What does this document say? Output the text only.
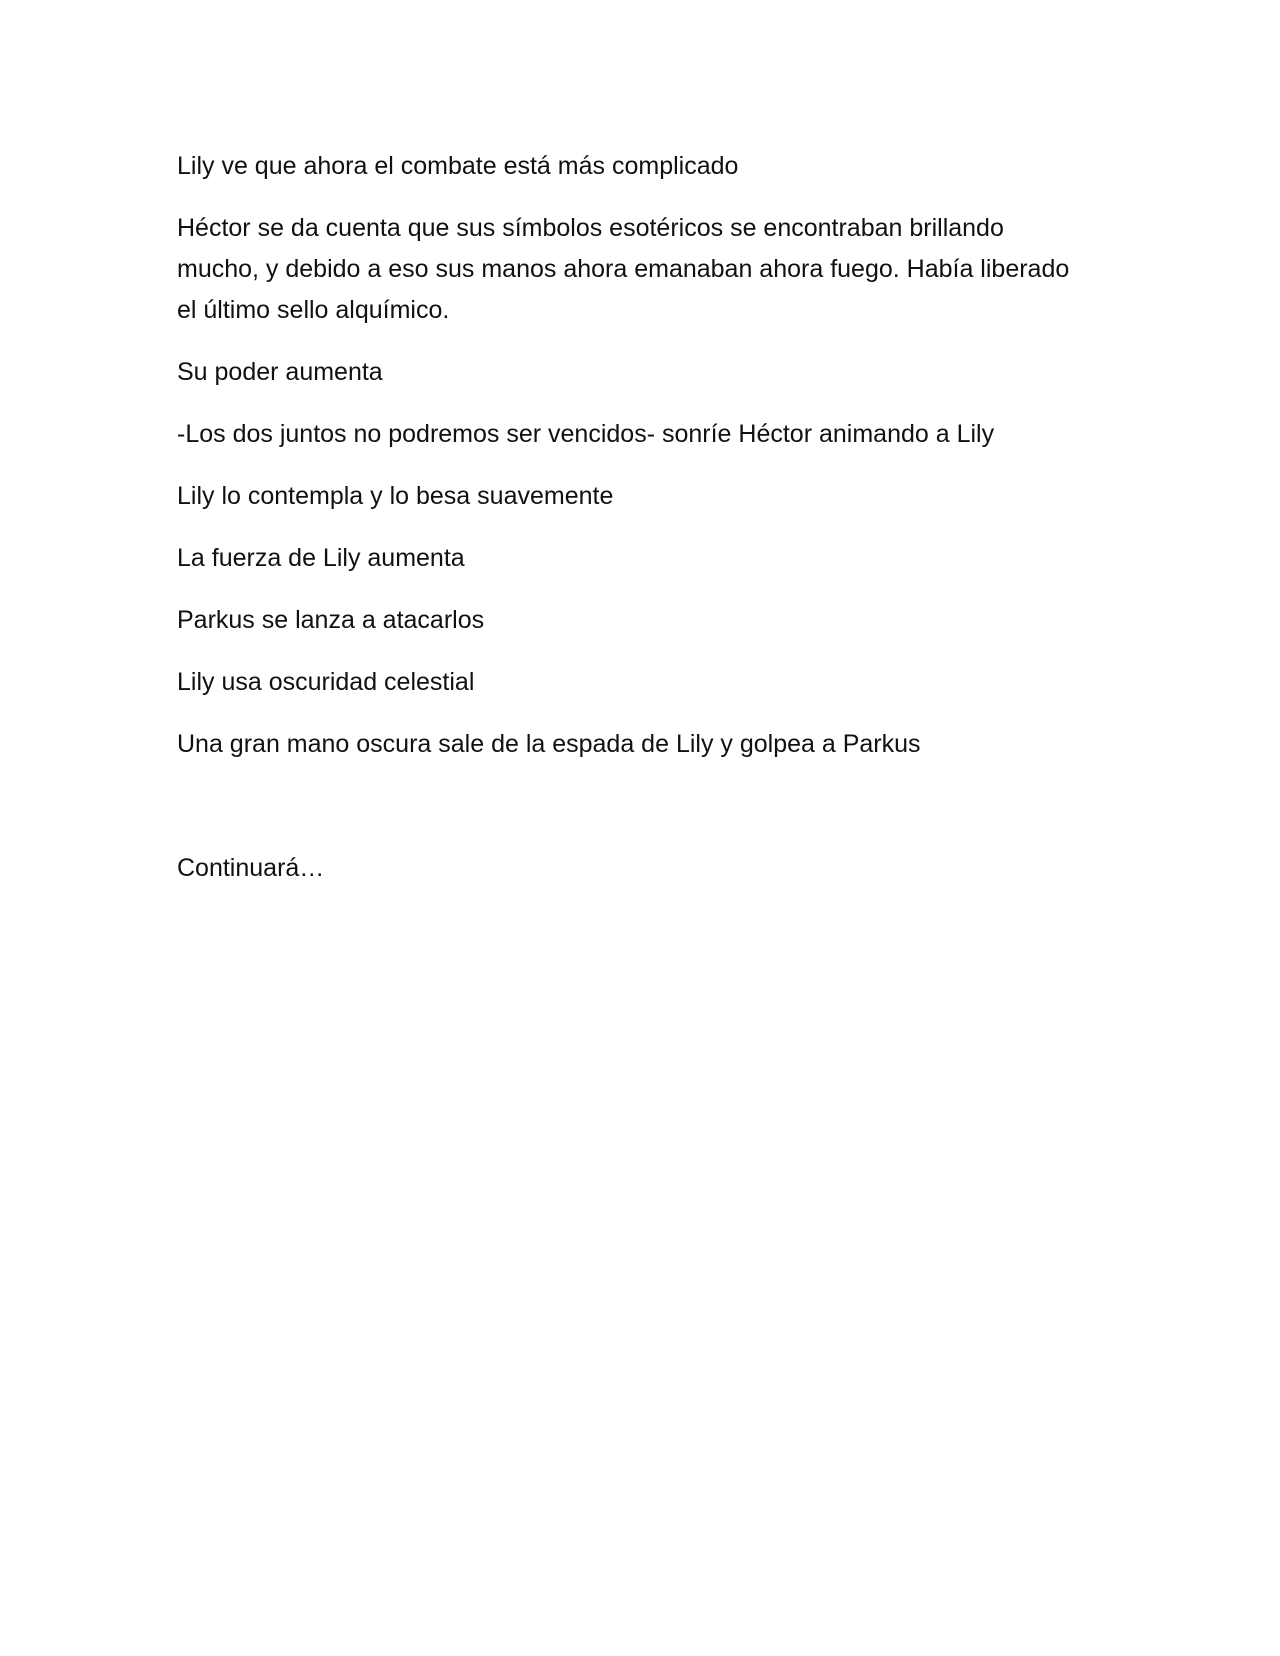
Lily ve que ahora el combate está más complicado

Héctor se da cuenta que sus símbolos esotéricos se encontraban brillando mucho, y debido a eso sus manos ahora emanaban ahora fuego. Había liberado el último sello alquímico.

Su poder aumenta

-Los dos juntos no podremos ser vencidos- sonríe Héctor animando a Lily

Lily lo contempla y lo besa suavemente

La fuerza de Lily aumenta

Parkus se lanza a atacarlos

Lily usa oscuridad celestial

Una gran mano oscura sale de la espada de Lily y golpea a Parkus

Continuará…
